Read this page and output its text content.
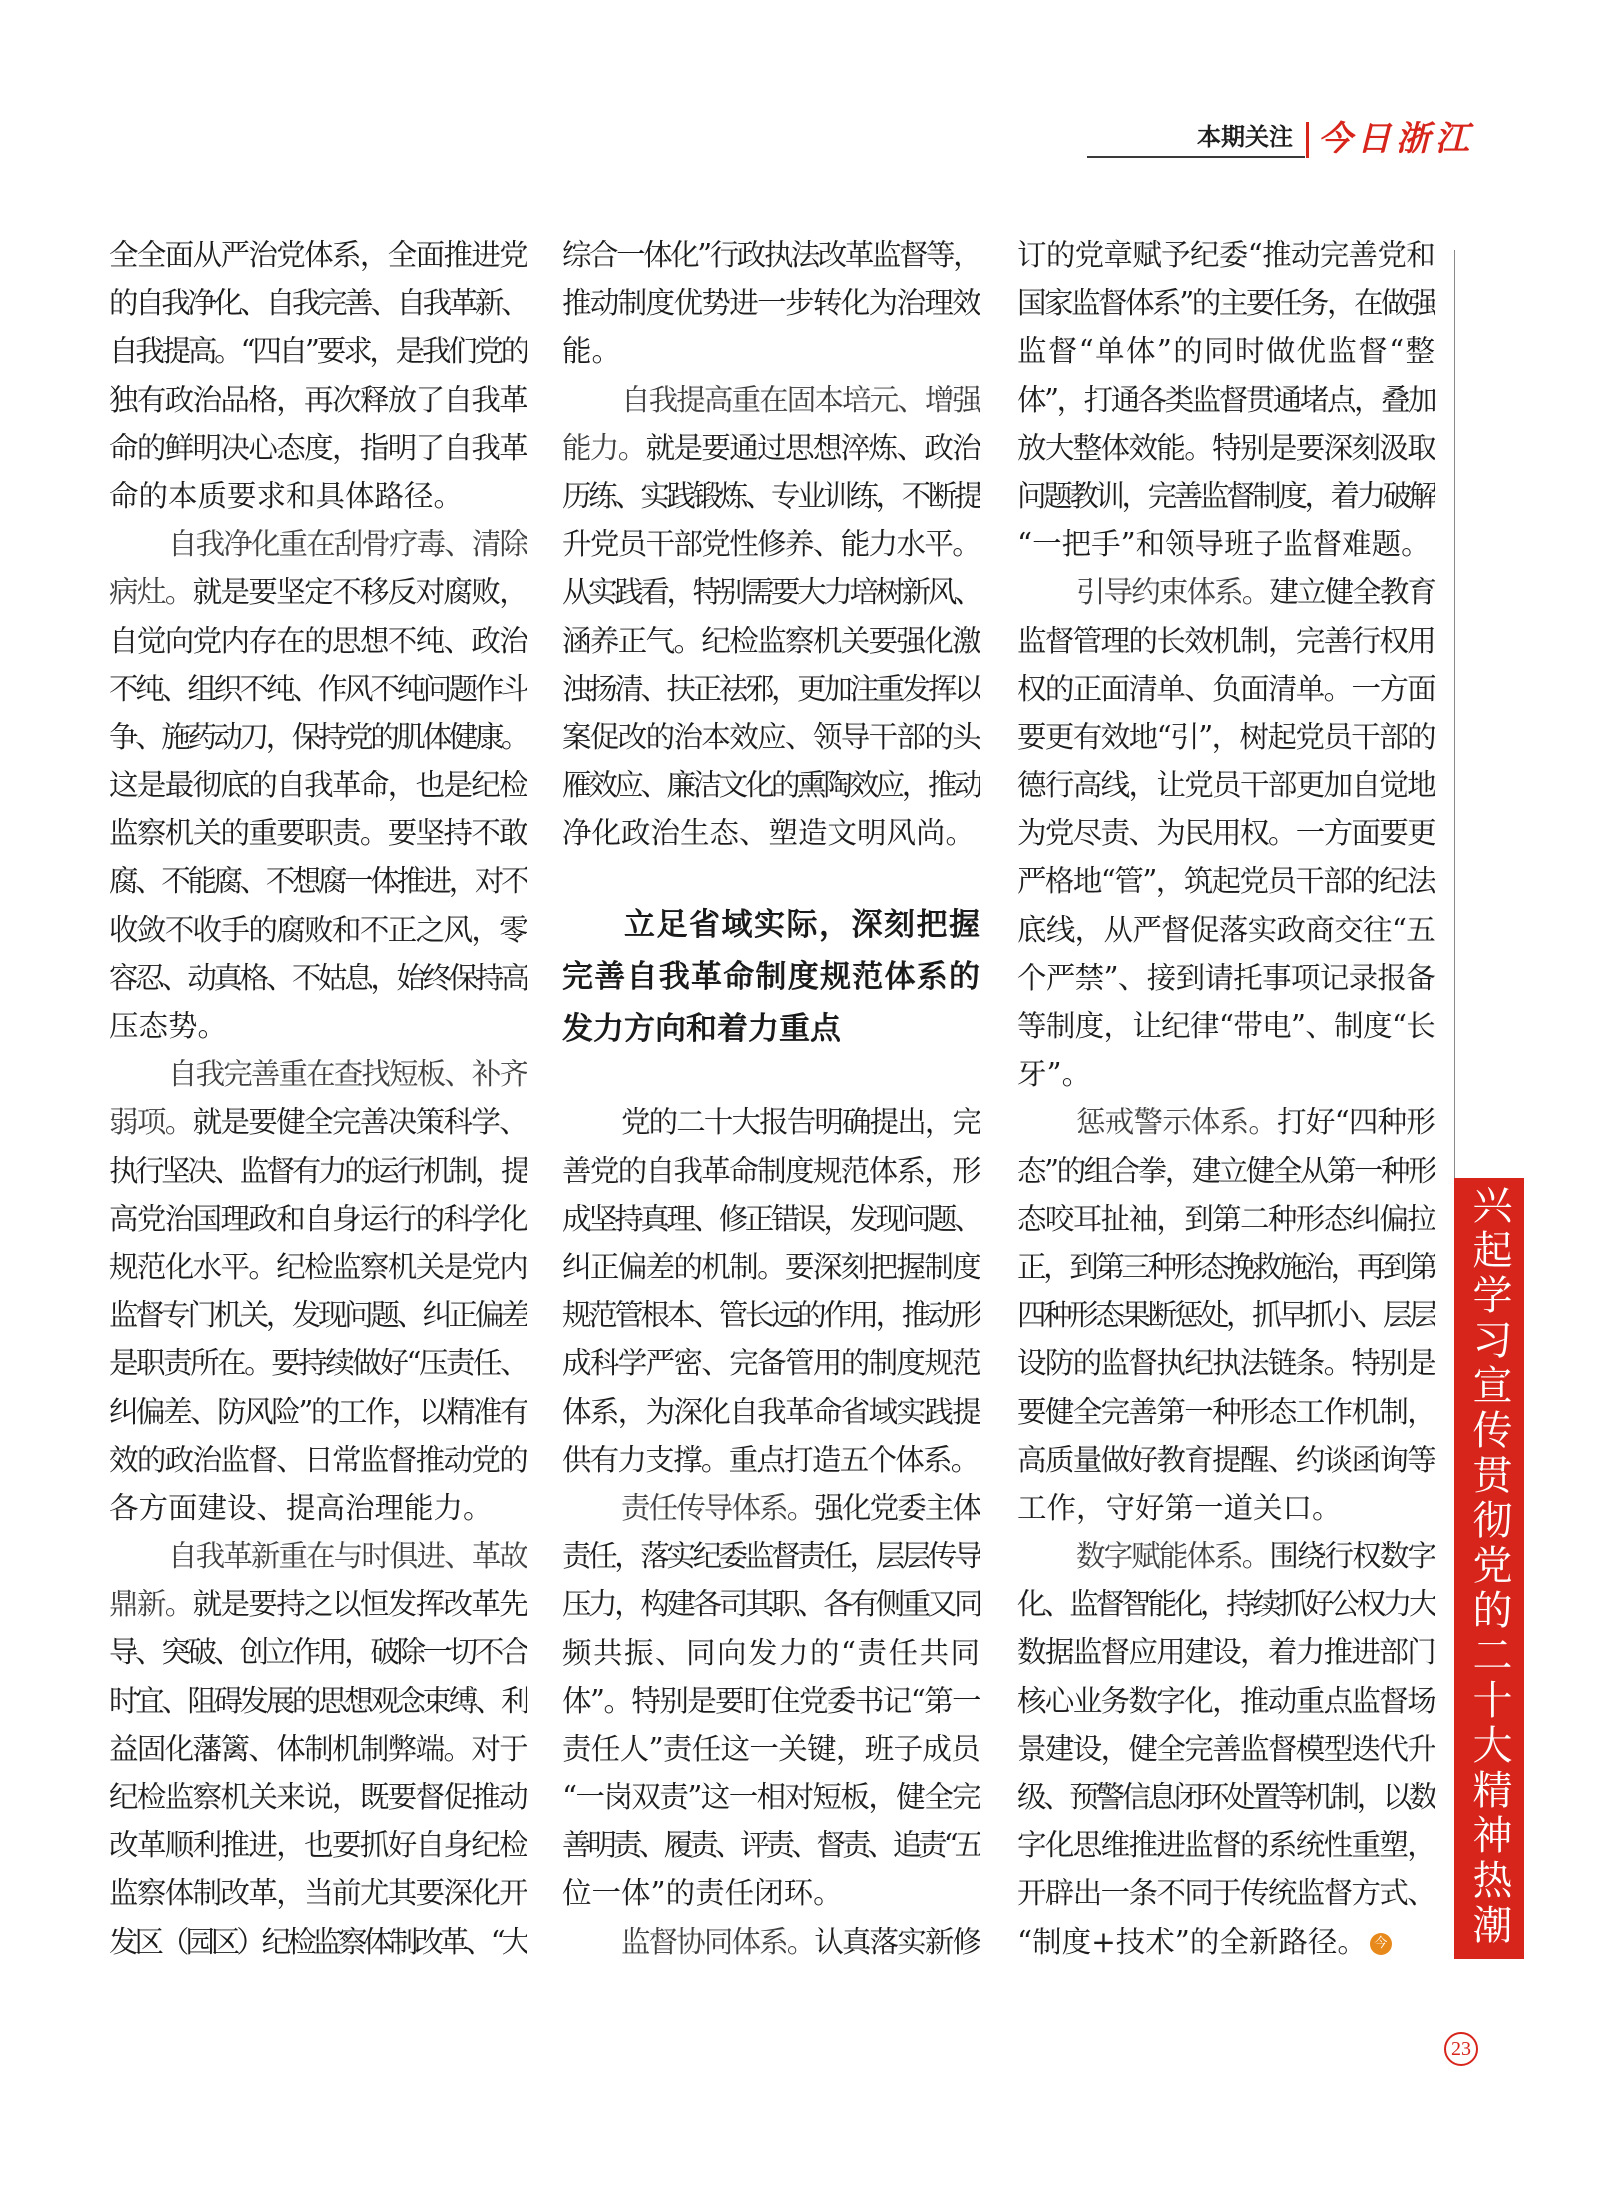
本期关注 今日浙江
全全面从严治党体系，全面推进党
的自我净化、自我完善、自我革新、
自我提高。“四自”要求，是我们党的
独有政治品格，再次释放了自我革
命的鲜明决心态度，指明了自我革
命的本质要求和具体路径。
自我净化重在刮骨疗毒、清除
病灶。就是要坚定不移反对腐败，
自觉向党内存在的思想不纯、政治
不纯、组织不纯、作风不纯问题作斗
争、施药动刀，保持党的肌体健康。
这是最彻底的自我革命，也是纪检
监察机关的重要职责。要坚持不敢
腐、不能腐、不想腐一体推进，对不
收敛不收手的腐败和不正之风，零
容忍、动真格、不姑息，始终保持高
压态势。
自我完善重在查找短板、补齐
弱项。就是要健全完善决策科学、
执行坚决、监督有力的运行机制，提
高党治国理政和自身运行的科学化
规范化水平。纪检监察机关是党内
监督专门机关，发现问题、纠正偏差
是职责所在。要持续做好“压责任、
纠偏差、防风险”的工作，以精准有
效的政治监督、日常监督推动党的
各方面建设、提高治理能力。
自我革新重在与时俱进、革故
鼎新。就是要持之以恒发挥改革先
导、突破、创立作用，破除一切不合
时宜、阻碍发展的思想观念束缚、利
益固化藩篱、体制机制弊端。对于
纪检监察机关来说，既要督促推动
改革顺利推进，也要抓好自身纪检
监察体制改革，当前尤其要深化开
发区（园区）纪检监察体制改革、“大
综合一体化”行政执法改革监督等，
推动制度优势进一步转化为治理效
能。
自我提高重在固本培元、增强
能力。就是要通过思想淬炼、政治
历练、实践锻炼、专业训练，不断提
升党员干部党性修养、能力水平。
从实践看，特别需要大力培树新风、
涵养正气。纪检监察机关要强化激
浊扬清、扶正祛邪，更加注重发挥以
案促改的治本效应、领导干部的头
雁效应、廉洁文化的熏陶效应，推动
净化政治生态、塑造文明风尚。
立足省域实际，深刻把握
完善自我革命制度规范体系的
发力方向和着力重点
党的二十大报告明确提出，完
善党的自我革命制度规范体系，形
成坚持真理、修正错误，发现问题、
纠正偏差的机制。要深刻把握制度
规范管根本、管长远的作用，推动形
成科学严密、完备管用的制度规范
体系，为深化自我革命省域实践提
供有力支撑。重点打造五个体系。
责任传导体系。强化党委主体
责任，落实纪委监督责任，层层传导
压力，构建各司其职、各有侧重又同
频共振、同向发力的“责任共同
体”。特别是要盯住党委书记“第一
责任人”责任这一关键，班子成员
“一岗双责”这一相对短板，健全完
善明责、履责、评责、督责、追责“五
位一体”的责任闭环。
监督协同体系。认真落实新修
订的党章赋予纪委“推动完善党和
国家监督体系”的主要任务，在做强
监督“单体”的同时做优监督“整
体”，打通各类监督贯通堵点，叠加
放大整体效能。特别是要深刻汲取
问题教训，完善监督制度，着力破解
“一把手”和领导班子监督难题。
引导约束体系。建立健全教育
监督管理的长效机制，完善行权用
权的正面清单、负面清单。一方面
要更有效地“引”，树起党员干部的
德行高线，让党员干部更加自觉地
为党尽责、为民用权。一方面要更
严格地“管”，筑起党员干部的纪法
底线，从严督促落实政商交往“五
个严禁”、接到请托事项记录报备
等制度，让纪律“带电”、制度“长
牙”。
惩戒警示体系。打好“四种形
态”的组合拳，建立健全从第一种形
态咬耳扯袖，到第二种形态纠偏拉
正，到第三种形态挽救施治，再到第
四种形态果断惩处，抓早抓小、层层
设防的监督执纪执法链条。特别是
要健全完善第一种形态工作机制，
高质量做好教育提醒、约谈函询等
工作，守好第一道关口。
数字赋能体系。围绕行权数字
化、监督智能化，持续抓好公权力大
数据监督应用建设，着力推进部门
核心业务数字化，推动重点监督场
景建设，健全完善监督模型迭代升
级、预警信息闭环处置等机制，以数
字化思维推进监督的系统性重塑，
开辟出一条不同于传统监督方式、
“制度+技术”的全新路径。 今	兴起学习宣传贯彻党的二十大精神热潮
23
